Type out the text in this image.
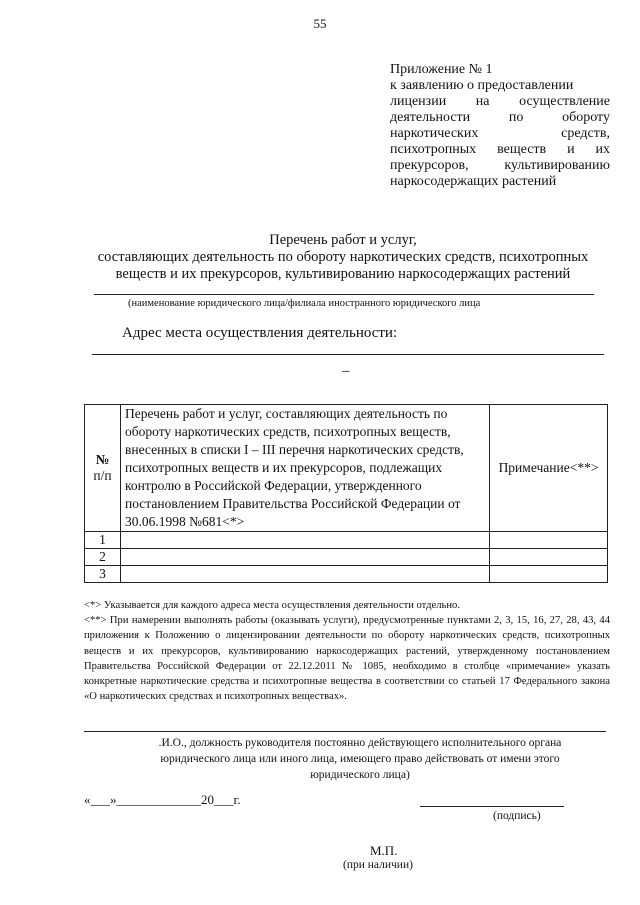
55
Приложение № 1
к заявлению о предоставлении
лицензии на осуществление
деятельности по обороту
наркотических средств,
психотропных веществ и их
прекурсоров, культивированию
наркосодержащих растений
Перечень работ и услуг,
составляющих деятельность по обороту наркотических средств, психотропных
веществ и их прекурсоров, культивированию наркосодержащих растений
(наименование юридического лица/филиала иностранного юридического лица
Адрес места осуществления деятельности:
–
№
п/п	Перечень работ и услуг, составляющих деятельность по обороту наркотических средств, психотропных веществ, внесенных в списки I – III перечня наркотических средств, психотропных веществ и их прекурсоров, подлежащих контролю в Российской Федерации, утвержденного постановлением Правительства Российской Федерации от 30.06.1998 №681<*>	Примечание<**>
1		
2		
3		

<*> Указывается для каждого адреса места осуществления деятельности отдельно.

<**> При намерении выполнять работы (оказывать услуги), предусмотренные пунктами 2, 3, 15, 16, 27, 28, 43, 44 приложения к Положению о лицензировании деятельности по обороту наркотических средств, психотропных веществ и их прекурсоров, культивированию наркосодержащих растений, утвержденному постановлением Правительства Российской Федерации от 22.12.2011 № 1085, необходимо в столбце «примечание» указать конкретные наркотические средства и психотропные вещества в соответствии со статьей 17 Федерального закона «О наркотических средствах и психотропных веществах».

.И.О., должность руководителя постоянно действующего исполнительного органа
юридического лица или иного лица, имеющего право действовать от имени этого
юридического лица)
«___»_____________20___г.
(подпись)
М.П.
(при наличии)
